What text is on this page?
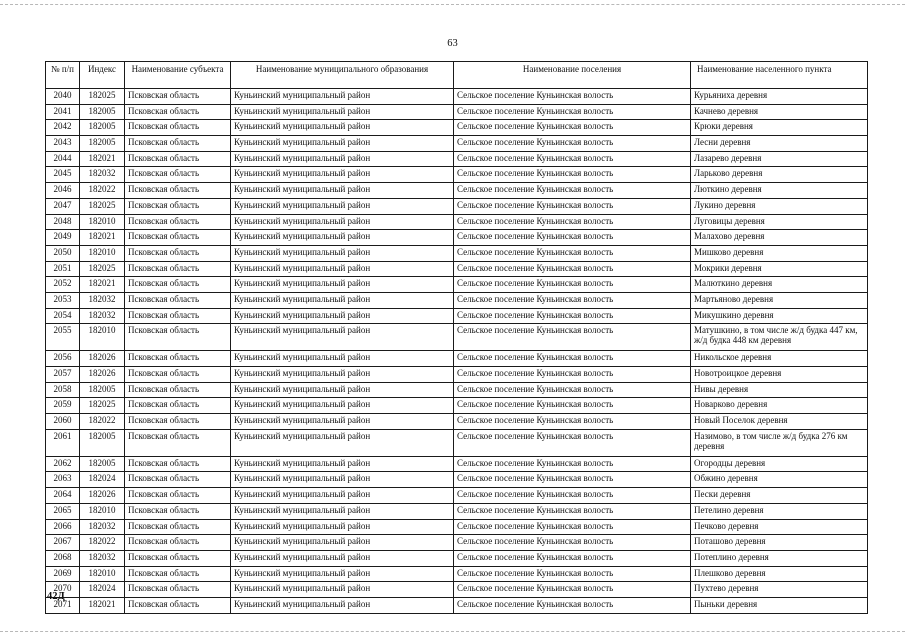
63
№ п/п	Индекс	Наименование субъекта	Наименование муниципального образования	Наименование поселения	Наименование населенного пункта
2040	182025	Псковская область	Куньинский муниципальный район	Сельское поселение Куньинская волость	Курьяниха деревня
2041	182005	Псковская область	Куньинский муниципальный район	Сельское поселение Куньинская волость	Качнево деревня
2042	182005	Псковская область	Куньинский муниципальный район	Сельское поселение Куньинская волость	Крюки деревня
2043	182005	Псковская область	Куньинский муниципальный район	Сельское поселение Куньинская волость	Лесни деревня
2044	182021	Псковская область	Куньинский муниципальный район	Сельское поселение Куньинская волость	Лазарево деревня
2045	182032	Псковская область	Куньинский муниципальный район	Сельское поселение Куньинская волость	Ларьково деревня
2046	182022	Псковская область	Куньинский муниципальный район	Сельское поселение Куньинская волость	Люткино деревня
2047	182025	Псковская область	Куньинский муниципальный район	Сельское поселение Куньинская волость	Лукино деревня
2048	182010	Псковская область	Куньинский муниципальный район	Сельское поселение Куньинская волость	Луговицы деревня
2049	182021	Псковская область	Куньинский муниципальный район	Сельское поселение Куньинская волость	Малахово деревня
2050	182010	Псковская область	Куньинский муниципальный район	Сельское поселение Куньинская волость	Мишково деревня
2051	182025	Псковская область	Куньинский муниципальный район	Сельское поселение Куньинская волость	Мокрики деревня
2052	182021	Псковская область	Куньинский муниципальный район	Сельское поселение Куньинская волость	Малюткино деревня
2053	182032	Псковская область	Куньинский муниципальный район	Сельское поселение Куньинская волость	Мартьяново деревня
2054	182032	Псковская область	Куньинский муниципальный район	Сельское поселение Куньинская волость	Микушкино деревня
2055	182010	Псковская область	Куньинский муниципальный район	Сельское поселение Куньинская волость	Матушкино, в том числе ж/д будка 447 км, ж/д будка 448 км деревня
2056	182026	Псковская область	Куньинский муниципальный район	Сельское поселение Куньинская волость	Никольское деревня
2057	182026	Псковская область	Куньинский муниципальный район	Сельское поселение Куньинская волость	Новотроицкое деревня
2058	182005	Псковская область	Куньинский муниципальный район	Сельское поселение Куньинская волость	Нивы деревня
2059	182025	Псковская область	Куньинский муниципальный район	Сельское поселение Куньинская волость	Новарково деревня
2060	182022	Псковская область	Куньинский муниципальный район	Сельское поселение Куньинская волость	Новый Поселок деревня
2061	182005	Псковская область	Куньинский муниципальный район	Сельское поселение Куньинская волость	Назимово, в том числе ж/д будка 276 км деревня
2062	182005	Псковская область	Куньинский муниципальный район	Сельское поселение Куньинская волость	Огородцы деревня
2063	182024	Псковская область	Куньинский муниципальный район	Сельское поселение Куньинская волость	Обжино деревня
2064	182026	Псковская область	Куньинский муниципальный район	Сельское поселение Куньинская волость	Пески деревня
2065	182010	Псковская область	Куньинский муниципальный район	Сельское поселение Куньинская волость	Петелино деревня
2066	182032	Псковская область	Куньинский муниципальный район	Сельское поселение Куньинская волость	Печково деревня
2067	182022	Псковская область	Куньинский муниципальный район	Сельское поселение Куньинская волость	Поташово деревня
2068	182032	Псковская область	Куньинский муниципальный район	Сельское поселение Куньинская волость	Потеплино деревня
2069	182010	Псковская область	Куньинский муниципальный район	Сельское поселение Куньинская волость	Плешково деревня
2070	182024	Псковская область	Куньинский муниципальный район	Сельское поселение Куньинская волость	Пухтево деревня
2071	182021	Псковская область	Куньинский муниципальный район	Сельское поселение Куньинская волость	Пыньки деревня
42Д
